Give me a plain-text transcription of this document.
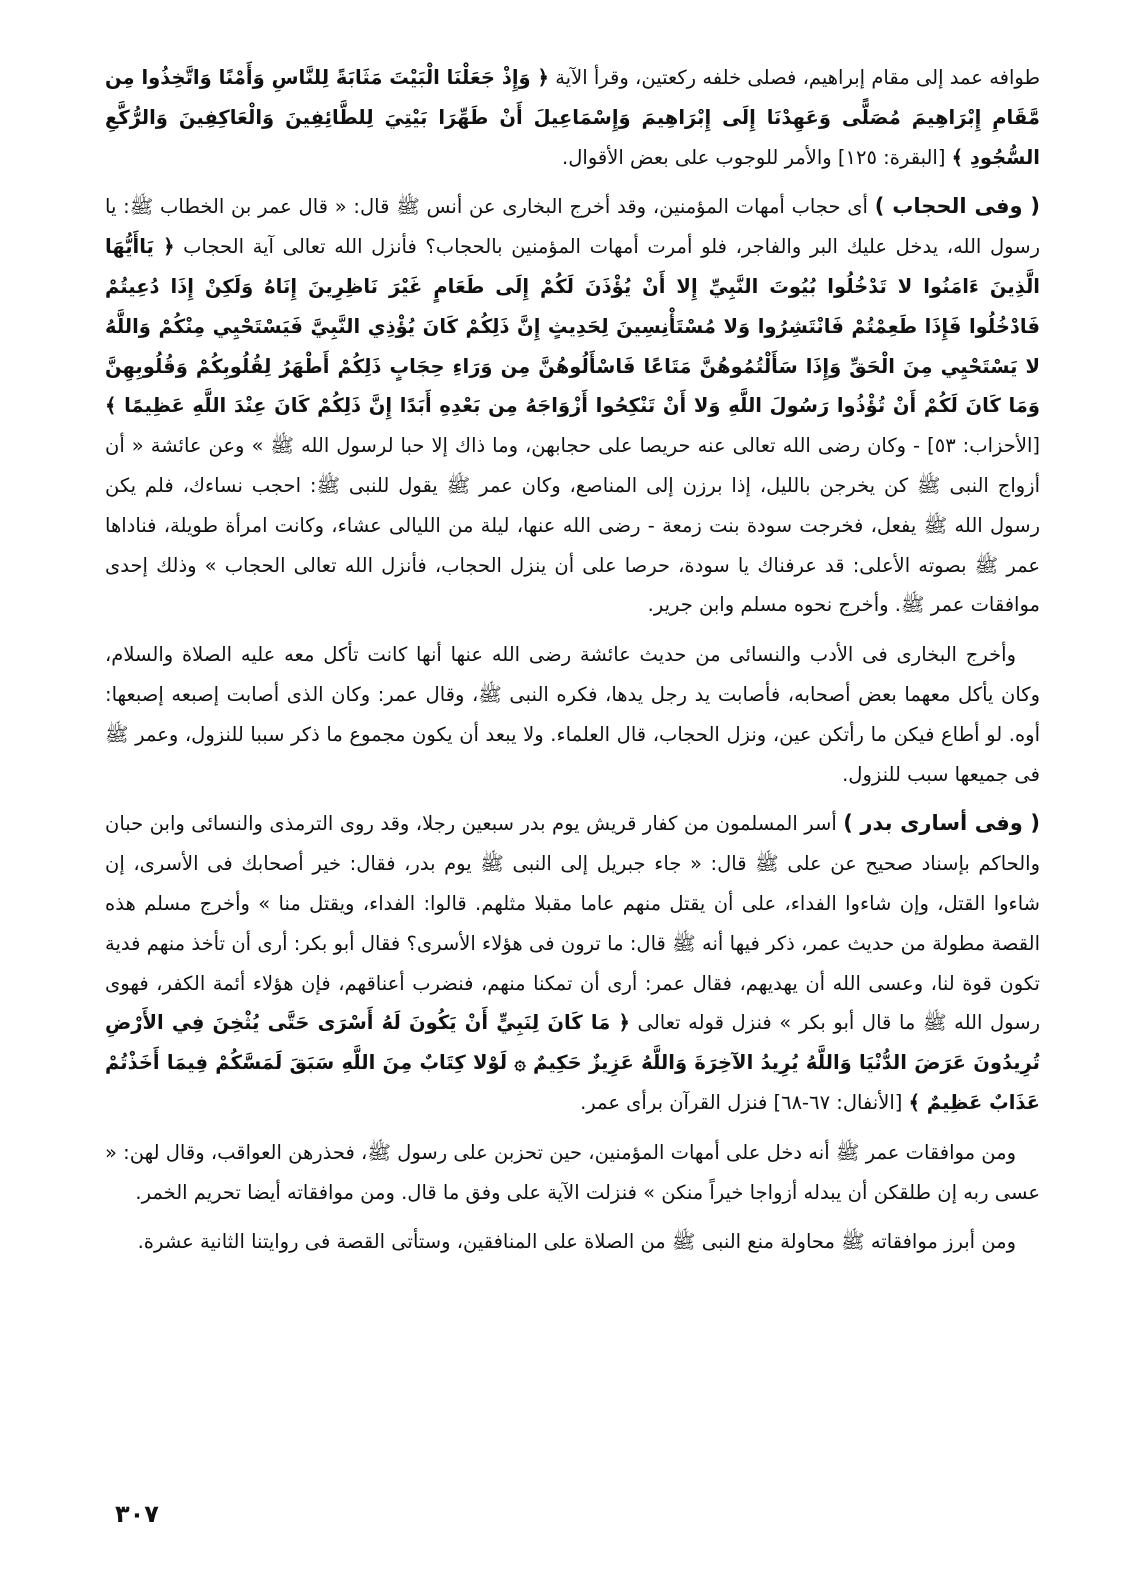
طوافه عمد إلى مقام إبراهيم، فصلى خلفه ركعتين، وقرأ الآية ﴿ وَإِذْ جَعَلْنَا الْبَيْتَ مَثَابَةً لِلنَّاسِ وَأَمْنًا وَاتَّخِذُوا مِن مَّقَامِ إِبْرَاهِيمَ مُصَلًّى وَعَهِدْنَا إِلَى إِبْرَاهِيمَ وَإِسْمَاعِيلَ أَنْ طَهِّرَا بَيْتِيَ لِلطَّائِفِينَ وَالْعَاكِفِينَ وَالرُّكَّعِ السُّجُودِ ﴾ [البقرة: ١٢٥] والأمر للوجوب على بعض الأقوال.

( وفى الحجاب ) أى حجاب أمهات المؤمنين، وقد أخرج البخارى عن أنس ﷺ قال: « قال عمر بن الخطاب ﷺ: يا رسول الله، يدخل عليك البر والفاجر، فلو أمرت أمهات المؤمنين بالحجاب؟ فأنزل الله تعالى آية الحجاب ﴿ يَاأَيُّهَا الَّذِينَ ءَامَنُوا لا تَدْخُلُوا بُيُوتَ النَّبِيِّ إِلا أَنْ يُؤْذَنَ لَكُمْ إِلَى طَعَامٍ غَيْرَ نَاظِرِينَ إِنَاهُ وَلَكِنْ إِذَا دُعِيتُمْ فَادْخُلُوا فَإِذَا طَعِمْتُمْ فَانْتَشِرُوا وَلا مُسْتَأْنِسِينَ لِحَدِيثٍ إِنَّ ذَلِكُمْ كَانَ يُؤْذِي النَّبِيَّ فَيَسْتَحْيِي مِنْكُمْ وَاللَّهُ لا يَسْتَحْيِي مِنَ الْحَقِّ وَإِذَا سَأَلْتُمُوهُنَّ مَتَاعًا فَاسْأَلُوهُنَّ مِن وَرَاءِ حِجَابٍ ذَلِكُمْ أَطْهَرُ لِقُلُوبِكُمْ وَقُلُوبِهِنَّ وَمَا كَانَ لَكُمْ أَنْ تُؤْذُوا رَسُولَ اللَّهِ وَلا أَنْ تَنْكِحُوا أَزْوَاجَهُ مِن بَعْدِهِ أَبَدًا إِنَّ ذَلِكُمْ كَانَ عِنْدَ اللَّهِ عَظِيمًا ﴾ [الأحزاب: ٥٣] - وكان رضى الله تعالى عنه حريصا على حجابهن، وما ذاك إلا حبا لرسول الله ﷺ » وعن عائشة « أن أزواج النبى ﷺ كن يخرجن بالليل، إذا برزن إلى المناصع، وكان عمر ﷺ يقول للنبى ﷺ: احجب نساءك، فلم يكن رسول الله ﷺ يفعل، فخرجت سودة بنت زمعة - رضى الله عنها، ليلة من الليالى عشاء، وكانت امرأة طويلة، فناداها عمر ﷺ بصوته الأعلى: قد عرفناك يا سودة، حرصا على أن ينزل الحجاب، فأنزل الله تعالى الحجاب » وذلك إحدى موافقات عمر ﷺ. وأخرج نحوه مسلم وابن جرير.

وأخرج البخارى فى الأدب والنسائى من حديث عائشة رضى الله عنها أنها كانت تأكل معه عليه الصلاة والسلام، وكان يأكل معهما بعض أصحابه، فأصابت يد رجل يدها، فكره النبى ﷺ، وقال عمر: وكان الذى أصابت إصبعه إصبعها: أوه. لو أطاع فيكن ما رأتكن عين، ونزل الحجاب، قال العلماء. ولا يبعد أن يكون مجموع ما ذكر سببا للنزول، وعمر ﷺ فى جميعها سبب للنزول.

( وفى أسارى بدر ) أسر المسلمون من كفار قريش يوم بدر سبعين رجلا، وقد روى الترمذى والنسائى وابن حبان والحاكم بإسناد صحيح عن على ﷺ قال: « جاء جبريل إلى النبى ﷺ يوم بدر، فقال: خير أصحابك فى الأسرى، إن شاءوا القتل، وإن شاءوا الفداء، على أن يقتل منهم عاما مقبلا مثلهم. قالوا: الفداء، ويقتل منا » وأخرج مسلم هذه القصة مطولة من حديث عمر، ذكر فيها أنه ﷺ قال: ما ترون فى هؤلاء الأسرى؟ فقال أبو بكر: أرى أن تأخذ منهم فدية تكون قوة لنا، وعسى الله أن يهديهم، فقال عمر: أرى أن تمكنا منهم، فنضرب أعناقهم، فإن هؤلاء أئمة الكفر، فهوى رسول الله ﷺ ما قال أبو بكر » فنزل قوله تعالى ﴿ مَا كَانَ لِنَبِيٍّ أَنْ يَكُونَ لَهُ أَسْرَى حَتَّى يُثْخِنَ فِي الأَرْضِ تُرِيدُونَ عَرَضَ الدُّنْيَا وَاللَّهُ يُرِيدُ الآخِرَةَ وَاللَّهُ عَزِيزٌ حَكِيمٌ ۞ لَوْلا كِتَابٌ مِنَ اللَّهِ سَبَقَ لَمَسَّكُمْ فِيمَا أَخَذْتُمْ عَذَابٌ عَظِيمٌ ﴾ [الأنفال: ٦٧-٦٨] فنزل القرآن برأى عمر.

ومن موافقات عمر ﷺ أنه دخل على أمهات المؤمنين، حين تحزبن على رسول ﷺ، فحذرهن العواقب، وقال لهن: « عسى ربه إن طلقكن أن يبدله أزواجا خيراً منكن » فنزلت الآية على وفق ما قال. ومن موافقاته أيضا تحريم الخمر.

ومن أبرز موافقاته ﷺ محاولة منع النبى ﷺ من الصلاة على المنافقين، وستأتى القصة فى روايتنا الثانية عشرة.

٣٠٧
